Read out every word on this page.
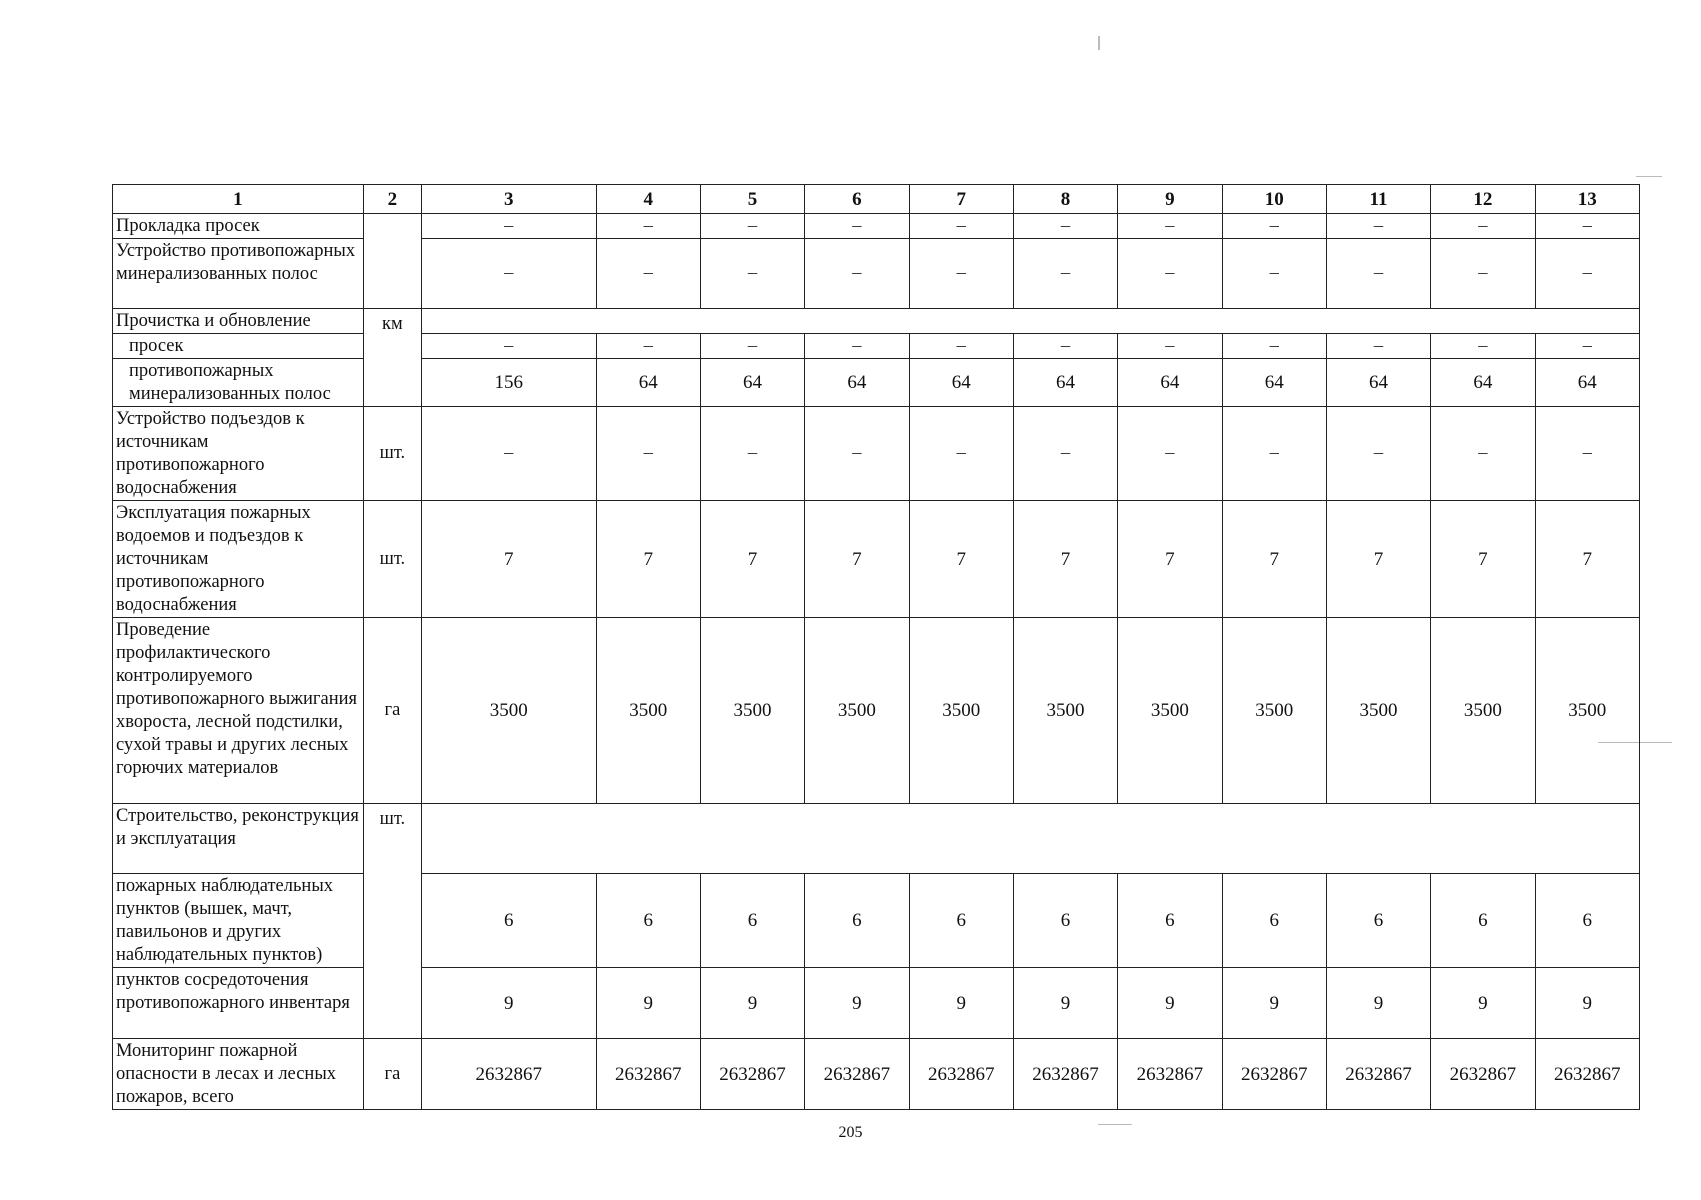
1	2	3	4	5	6	7	8	9	10	11	12	13
Прокладка просек		–	–	–	–	–	–	–	–	–	–	–
Устройство противопожарных минерализованных полос		–	–	–	–	–	–	–	–	–	–	–
Прочистка и обновление	км											
просек		–	–	–	–	–	–	–	–	–	–	–
противопожарных минерализованных полос		156	64	64	64	64	64	64	64	64	64	64
Устройство подъездов к источникам противопожарного водоснабжения	шт.	–	–	–	–	–	–	–	–	–	–	–
Эксплуатация пожарных водоемов и подъездов к источникам противопожарного водоснабжения	шт.	7	7	7	7	7	7	7	7	7	7	7
Проведение профилактического контролируемого противопожарного выжигания хвороста, лесной подстилки, сухой травы и других лесных горючих материалов	га	3500	3500	3500	3500	3500	3500	3500	3500	3500	3500	3500
Строительство, реконструкция и эксплуатация	шт.											
пожарных наблюдательных пунктов (вышек, мачт, павильонов и других наблюдательных пунктов)		6	6	6	6	6	6	6	6	6	6	6
пунктов сосредоточения противопожарного инвентаря		9	9	9	9	9	9	9	9	9	9	9
Мониторинг пожарной опасности в лесах и лесных пожаров, всего	га	2632867	2632867	2632867	2632867	2632867	2632867	2632867	2632867	2632867	2632867	2632867
205
